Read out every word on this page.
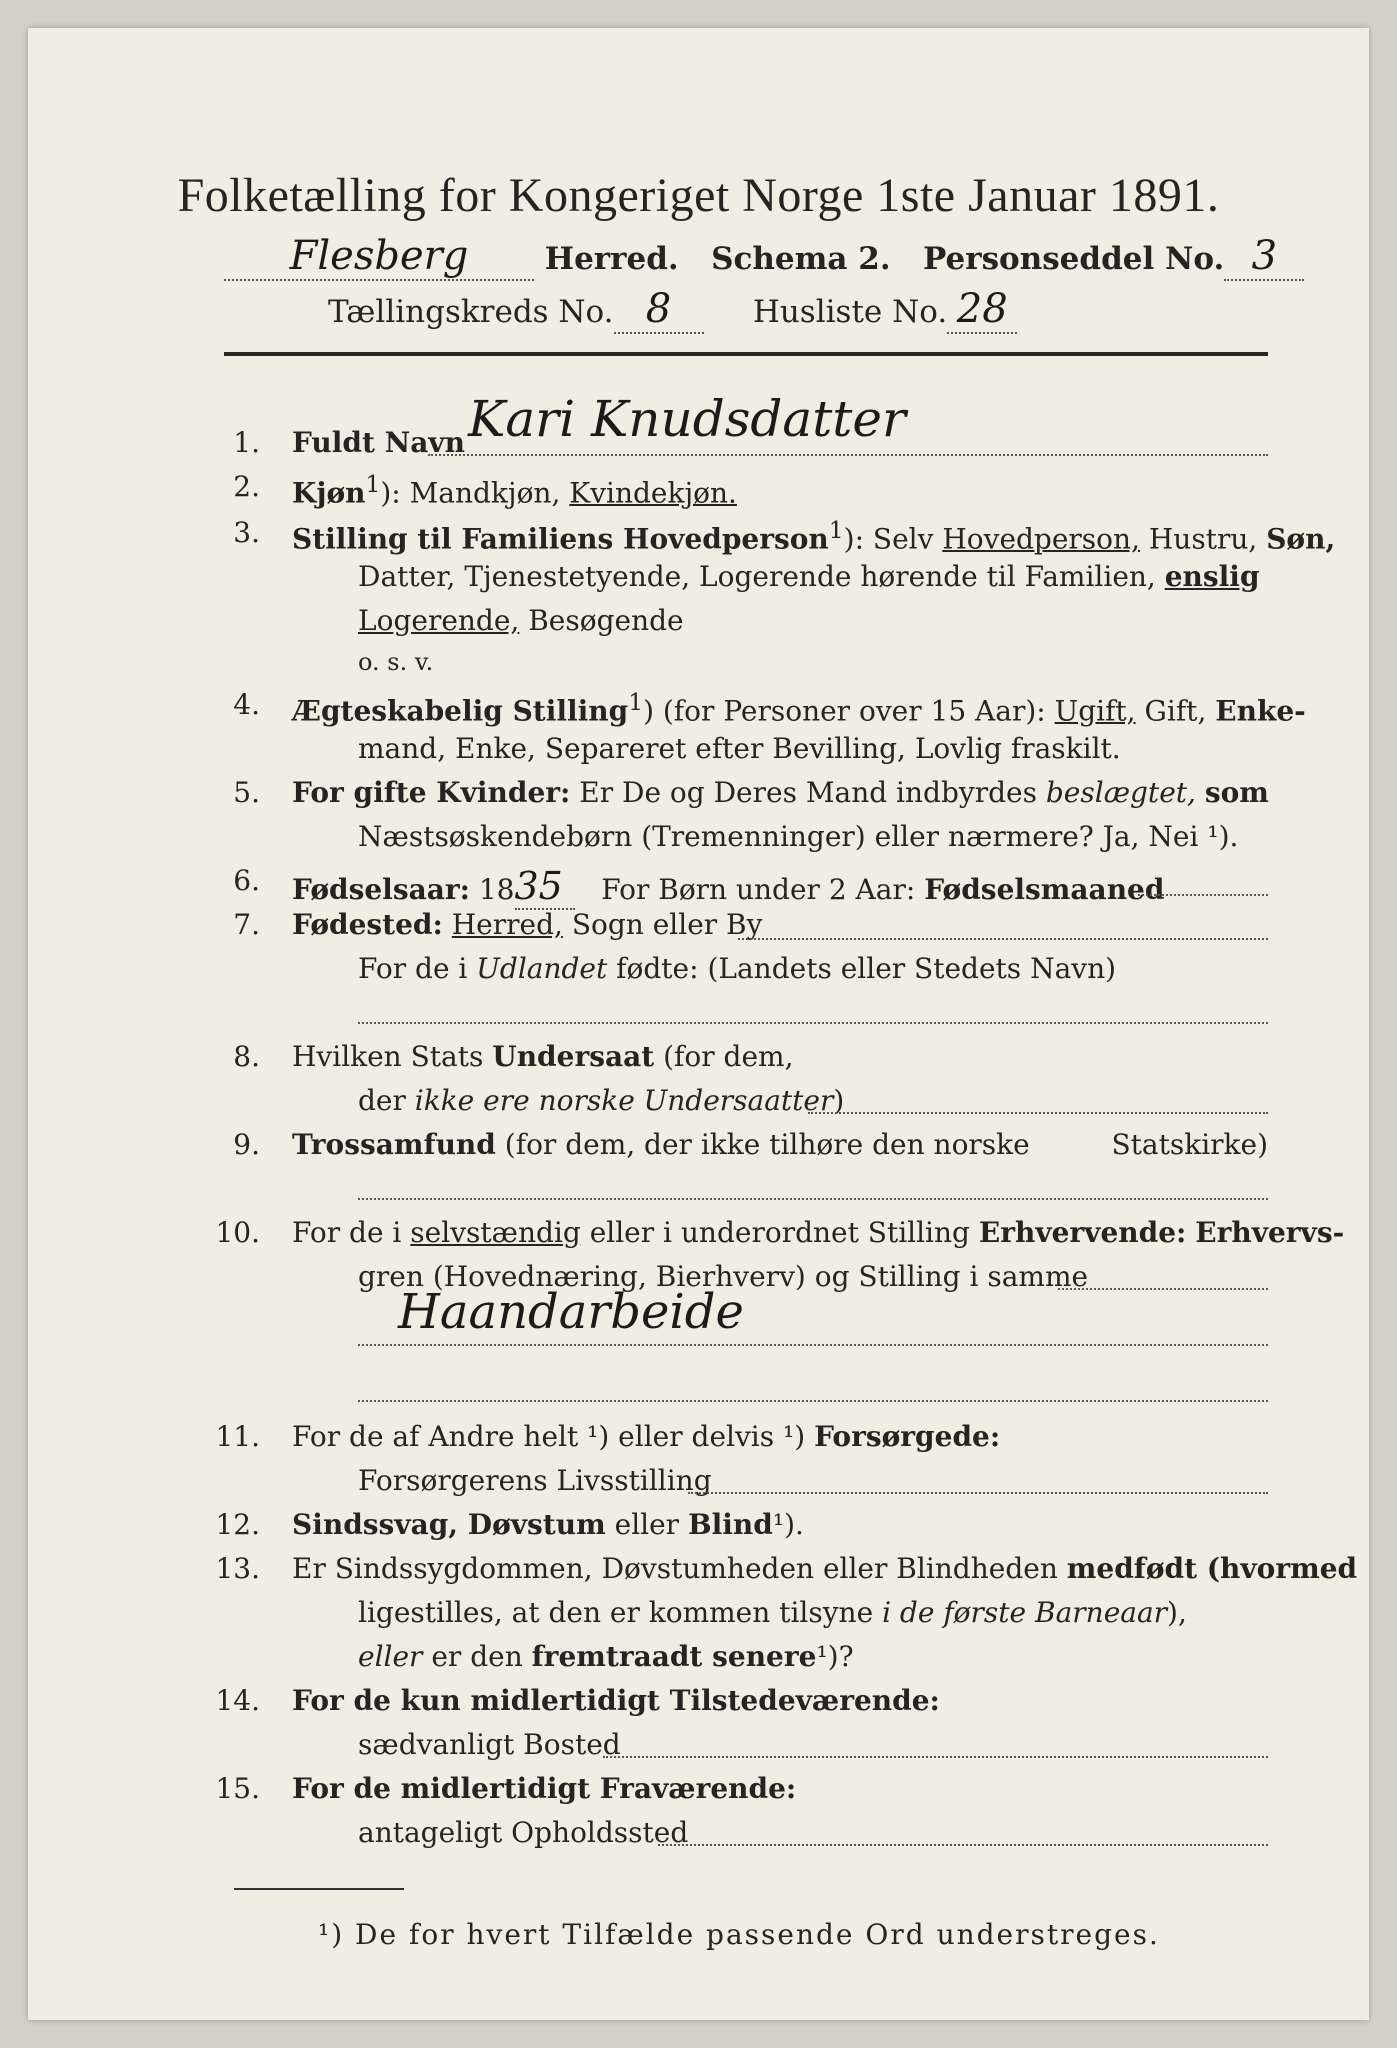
Folketælling for Kongeriget Norge 1ste Januar 1891.
Flesberg Herred. Schema 2. Personseddel No. 3
Tællingskreds No. 8	Husliste No. 28
1. Fuldt Navn Kari Knudsdatter
2. Kjøn$^1$): Mandkjøn, Kvindekjøn.
3. Stilling til Familiens Hovedperson$^1$): Selv Hovedperson, Hustru, Søn,
Datter, Tjenestetyende, Logerende hørende til Familien, enslig
Logerende, Besøgende
o. s. v.
4. Ægteskabelig Stilling$^1$) (for Personer over 15 Aar): Ugift, Gift, Enke-
mand, Enke, Separeret efter Bevilling, Lovlig fraskilt.
5. For gifte Kvinder: Er De og Deres Mand indbyrdes beslægtet, som
Næstsøskendebørn (Tremenninger) eller nærmere? Ja, Nei ¹).
6. Fødselsaar: 1835 For Børn under 2 Aar: Fødselsmaaned
7. Fødested: Herred, Sogn eller By
For de i Udlandet fødte: (Landets eller Stedets Navn)
8. Hvilken Stats Undersaat (for dem,
der ikke ere norske Undersaatter)
9. Trossamfund (for dem, der ikke tilhøre den norske	Statskirke)
10. For de i selvstændig eller i underordnet Stilling Erhvervende: Erhvervs-
gren (Hovednæring, Bierhverv) og Stilling i samme
Haandarbeide
11. For de af Andre helt ¹) eller delvis ¹) Forsørgede:
Forsørgerens Livsstilling
12. Sindssvag, Døvstum eller Blind¹).
13. Er Sindssygdommen, Døvstumheden eller Blindheden medfødt (hvormed
ligestilles, at den er kommen tilsyne i de første Barneaar),
eller er den fremtraadt senere¹)?
14. For de kun midlertidigt Tilstedeværende:
sædvanligt Bosted
15. For de midlertidigt Fraværende:
antageligt Opholdssted
¹) De for hvert Tilfælde passende Ord understreges.
